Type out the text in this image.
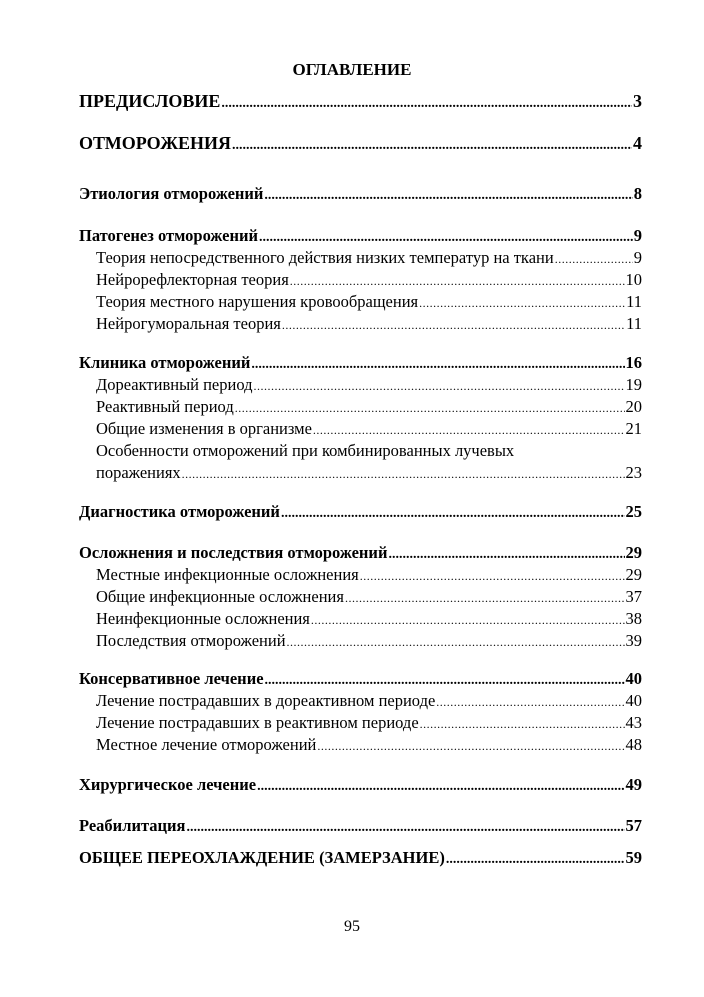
ОГЛАВЛЕНИЕ
ПРЕДИСЛОВИЕ .....	3
ОТМОРОЖЕНИЯ .....	4
Этиология отморожений .....	8
Патогенез отморожений .....	9
Теория непосредственного действия низких температур на ткани .....	9
Нейрорефлекторная теория .....	10
Теория местного нарушения кровообращения .....	11
Нейрогуморальная теория .....	11
Клиника отморожений .....	16
Дореактивный период .....	19
Реактивный период .....	20
Общие изменения в организме .....	21
Особенности отморожений при комбинированных лучевых
поражениях .....	23
Диагностика отморожений .....	25
Осложнения и последствия отморожений .....	29
Местные инфекционные осложнения .....	29
Общие инфекционные осложнения .....	37
Неинфекционные осложнения .....	38
Последствия отморожений .....	39
Консервативное лечение .....	40
Лечение пострадавших в дореактивном периоде .....	40
Лечение пострадавших в реактивном периоде .....	43
Местное лечение отморожений .....	48
Хирургическое лечение .....	49
Реабилитация .....	57
ОБЩЕЕ ПЕРЕОХЛАЖДЕНИЕ (ЗАМЕРЗАНИЕ) .....	59
95
